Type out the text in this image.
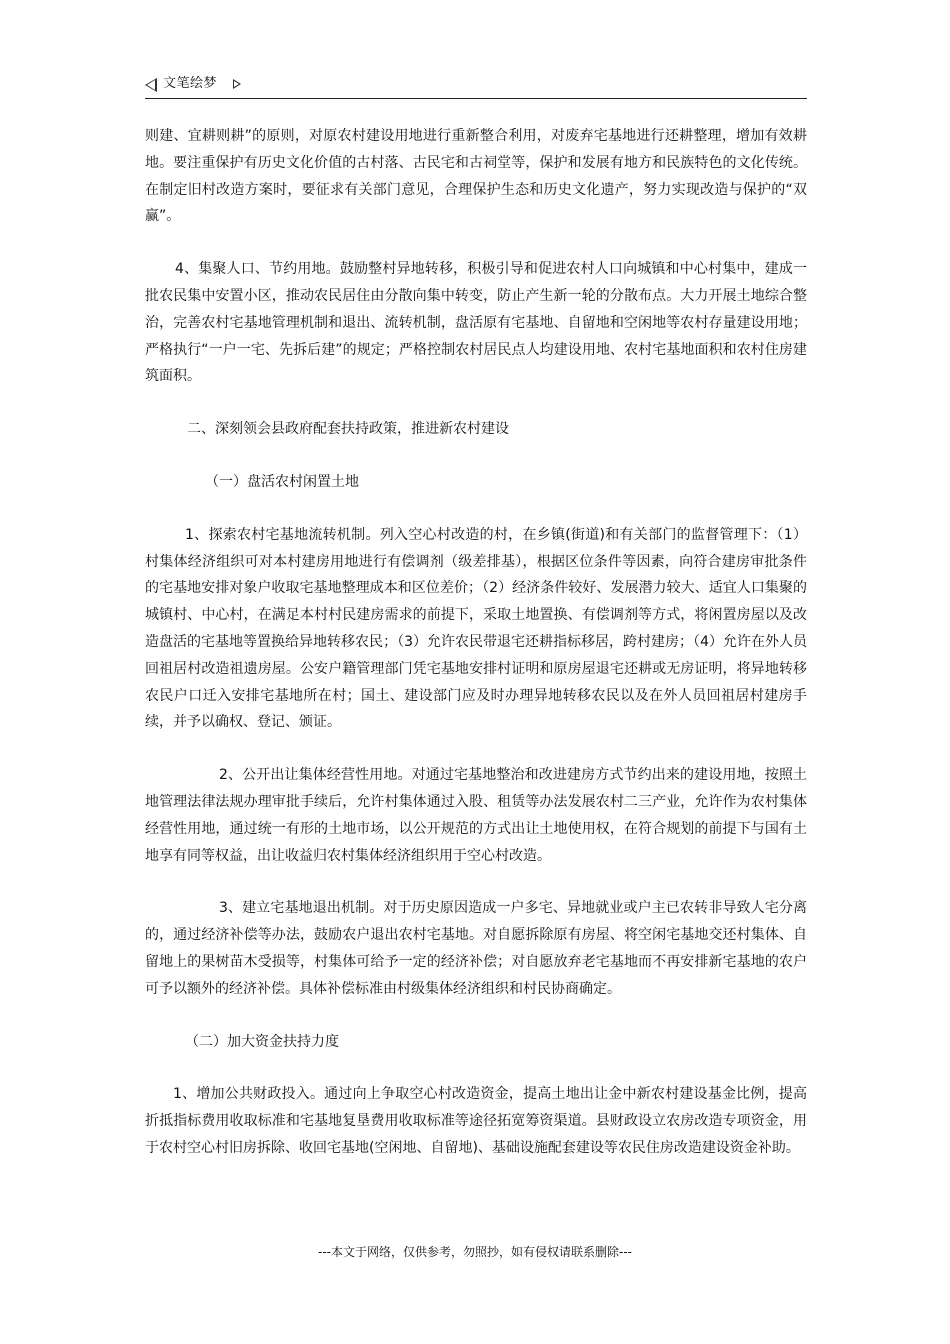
文笔绘梦

则建、宜耕则耕”的原则，对原农村建设用地进行重新整合利用，对废弃宅基地进行还耕整理，增加有效耕地。要注重保护有历史文化价值的古村落、古民宅和古祠堂等，保护和发展有地方和民族特色的文化传统。在制定旧村改造方案时，要征求有关部门意见，合理保护生态和历史文化遗产，努力实现改造与保护的“双赢”。

4、集聚人口、节约用地。鼓励整村异地转移，积极引导和促进农村人口向城镇和中心村集中，建成一批农民集中安置小区，推动农民居住由分散向集中转变，防止产生新一轮的分散布点。大力开展土地综合整治，完善农村宅基地管理机制和退出、流转机制，盘活原有宅基地、自留地和空闲地等农村存量建设用地；严格执行“一户一宅、先拆后建”的规定；严格控制农村居民点人均建设用地、农村宅基地面积和农村住房建筑面积。

二、深刻领会县政府配套扶持政策，推进新农村建设

（一）盘活农村闲置土地

1、探索农村宅基地流转机制。列入空心村改造的村，在乡镇(街道)和有关部门的监督管理下：（1）村集体经济组织可对本村建房用地进行有偿调剂（级差排基），根据区位条件等因素，向符合建房审批条件的宅基地安排对象户收取宅基地整理成本和区位差价；（2）经济条件较好、发展潜力较大、适宜人口集聚的城镇村、中心村，在满足本村村民建房需求的前提下，采取土地置换、有偿调剂等方式，将闲置房屋以及改造盘活的宅基地等置换给异地转移农民；（3）允许农民带退宅还耕指标移居，跨村建房；（4）允许在外人员回祖居村改造祖遗房屋。公安户籍管理部门凭宅基地安排村证明和原房屋退宅还耕或无房证明，将异地转移农民户口迁入安排宅基地所在村；国土、建设部门应及时办理异地转移农民以及在外人员回祖居村建房手续，并予以确权、登记、颁证。

2、公开出让集体经营性用地。对通过宅基地整治和改进建房方式节约出来的建设用地，按照土地管理法律法规办理审批手续后，允许村集体通过入股、租赁等办法发展农村二三产业，允许作为农村集体经营性用地，通过统一有形的土地市场，以公开规范的方式出让土地使用权，在符合规划的前提下与国有土地享有同等权益，出让收益归农村集体经济组织用于空心村改造。

3、建立宅基地退出机制。对于历史原因造成一户多宅、异地就业或户主已农转非导致人宅分离的，通过经济补偿等办法，鼓励农户退出农村宅基地。对自愿拆除原有房屋、将空闲宅基地交还村集体、自留地上的果树苗木受损等，村集体可给予一定的经济补偿；对自愿放弃老宅基地而不再安排新宅基地的农户可予以额外的经济补偿。具体补偿标准由村级集体经济组织和村民协商确定。

（二）加大资金扶持力度

1、增加公共财政投入。通过向上争取空心村改造资金，提高土地出让金中新农村建设基金比例，提高折抵指标费用收取标准和宅基地复垦费用收取标准等途径拓宽筹资渠道。县财政设立农房改造专项资金，用于农村空心村旧房拆除、收回宅基地(空闲地、自留地)、基础设施配套建设等农民住房改造建设资金补助。

---本文于网络，仅供参考，勿照抄，如有侵权请联系删除---
